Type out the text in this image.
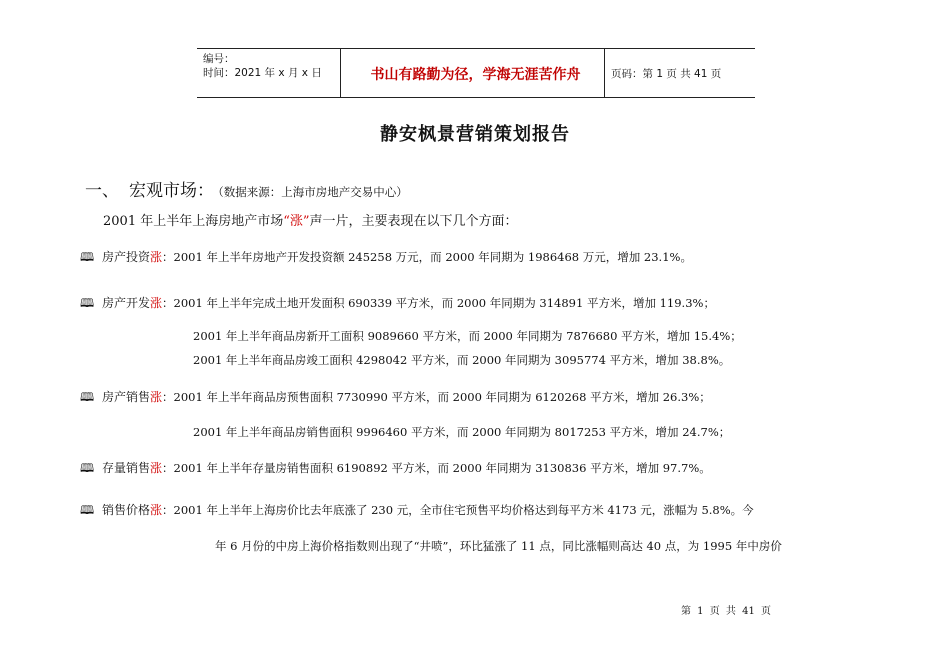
编号：
时间：2021 年 x 月 x 日	书山有路勤为径，学海无涯苦作舟	页码：第 1 页 共 41 页
静安枫景营销策划报告
一、 宏观市场： （数据来源：上海市房地产交易中心）
2001 年上半年上海房地产市场“涨”声一片，主要表现在以下几个方面：
🕮 房产投资涨：2001 年上半年房地产开发投资额 245258 万元，而 2000 年同期为 1986468 万元，增加 23.1%。
🕮 房产开发涨：2001 年上半年完成土地开发面积 690339 平方米，而 2000 年同期为 314891 平方米，增加 119.3%；
2001 年上半年商品房新开工面积 9089660 平方米，而 2000 年同期为 7876680 平方米，增加 15.4%；
2001 年上半年商品房竣工面积 4298042 平方米，而 2000 年同期为 3095774 平方米，增加 38.8%。
🕮 房产销售涨：2001 年上半年商品房预售面积 7730990 平方米，而 2000 年同期为 6120268 平方米，增加 26.3%；
2001 年上半年商品房销售面积 9996460 平方米，而 2000 年同期为 8017253 平方米，增加 24.7%；
🕮 存量销售涨：2001 年上半年存量房销售面积 6190892 平方米，而 2000 年同期为 3130836 平方米，增加 97.7%。
🕮 销售价格涨：2001 年上半年上海房价比去年底涨了 230 元，全市住宅预售平均价格达到每平方米 4173 元，涨幅为 5.8%。今
年 6 月份的中房上海价格指数则出现了“井喷”，环比猛涨了 11 点，同比涨幅则高达 40 点，为 1995 年中房价
第 1 页 共 41 页
